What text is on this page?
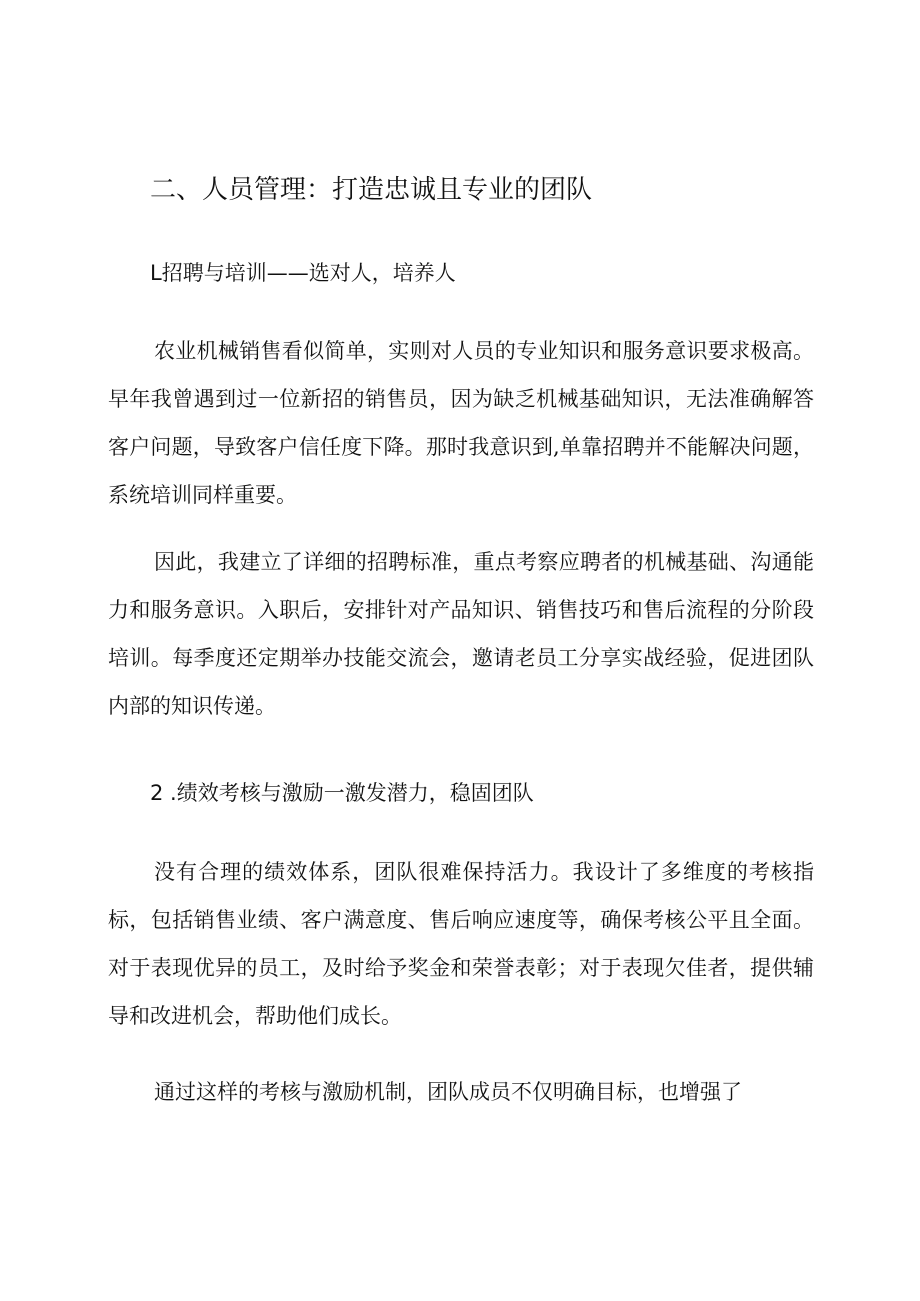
二、人员管理：打造忠诚且专业的团队
L招聘与培训——选对人，培养人

农业机械销售看似简单，实则对人员的专业知识和服务意识要求极高。早年我曾遇到过一位新招的销售员，因为缺乏机械基础知识，无法准确解答客户问题，导致客户信任度下降。那时我意识到,单靠招聘并不能解决问题，系统培训同样重要。

因此，我建立了详细的招聘标准，重点考察应聘者的机械基础、沟通能力和服务意识。入职后，安排针对产品知识、销售技巧和售后流程的分阶段培训。每季度还定期举办技能交流会，邀请老员工分享实战经验，促进团队内部的知识传递。

2 .绩效考核与激励一激发潜力，稳固团队

没有合理的绩效体系，团队很难保持活力。我设计了多维度的考核指标，包括销售业绩、客户满意度、售后响应速度等，确保考核公平且全面。对于表现优异的员工，及时给予奖金和荣誉表彰；对于表现欠佳者，提供辅导和改进机会，帮助他们成长。

通过这样的考核与激励机制，团队成员不仅明确目标，也增强了
